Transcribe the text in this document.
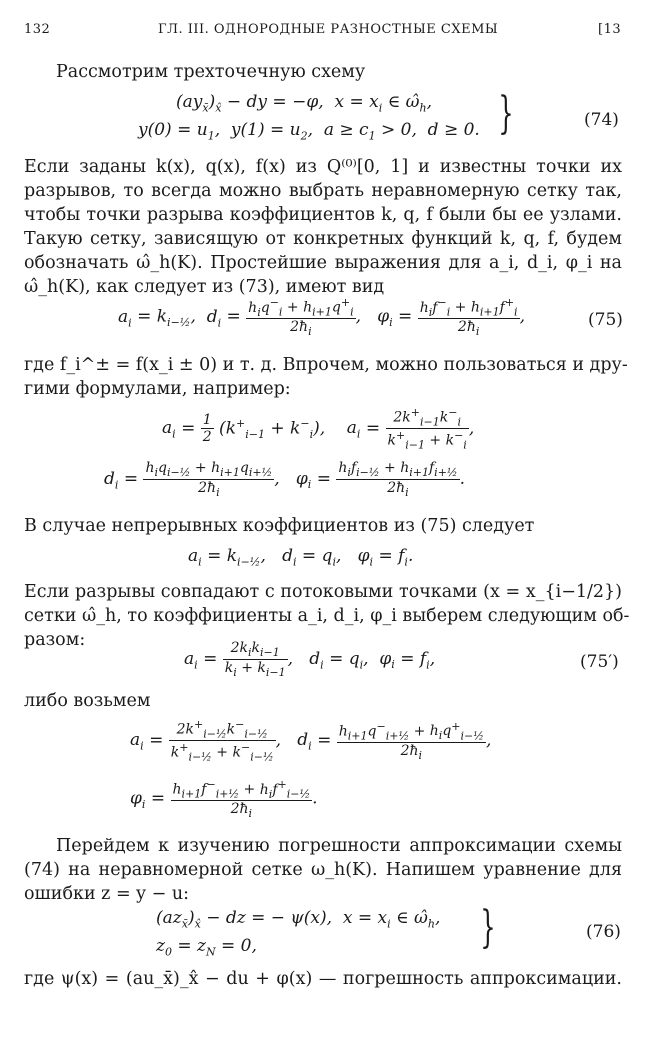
132	ГЛ. III. ОДНОРОДНЫЕ РАЗНОСТНЫЕ СХЕМЫ	[13
Рассмотрим трехточечную схему
$(ay_{x̄})_{x̂}$ − dy = −φ,  $x = x_i$ ∈ $\omegâ_h$,
$y(0) = u_1$,  $y(1) = u_2$,  $a \ge c_1 > 0$,  d ≥ 0. }	(74)
Если заданы k(x), q(x), f(x) из Q⁽⁰⁾[0, 1] и известны точки их
разрывов, то всегда можно выбрать неравномерную сетку так,
чтобы точки разрыва коэффициентов k, q, f были бы ее узлами.
Такую сетку, зависящую от конкретных функций k, q, f, будем
обозначать ω̂_h(K). Простейшие выражения для a_i, d_i, φ_i на
ω̂_h(K), как следует из (73), имеют вид
$a_i = k_{i-\frac{1}{2}}$,  $d_i = \frac{h_iq^-_i + h_{i+1}q^+_i}{2ħ_i}$ ,   $\varphi_i = \frac{h_if^-_i + h_{i+1}f^+_i}{2ħ_i}$ ,	(75)
где f_i^± = f(x_i ± 0) и т. д. Впрочем, можно пользоваться и дру-
гими формулами, например:
$a_i = \frac{1}{2} (k^+_{i-1} + k^-_i)$,    $a_i = \frac{2k^+_{i-1}k^-_i}{k^+_{i-1} + k^-_i}$ ,
$d_i = \frac{h_iq_{i-\frac{1}{2}} + h_{i+1}q_{i+\frac{1}{2}}}{2ħ_i}$ ,   $\varphi_i = \frac{h_if_{i-\frac{1}{2}} + h_{i+1}f_{i+\frac{1}{2}}}{2ħ_i}$ .
В случае непрерывных коэффициентов из (75) следует
$a_i = k_{i-\frac{1}{2}}$,   $d_i = q_i$,   $\varphi_i = f_i$.
Если разрывы совпадают с потоковыми точками (x = x_{i−1/2})
сетки ω̂_h, то коэффициенты a_i, d_i, φ_i выберем следующим об-
разом:
$a_i = \frac{2k_ik_{i-1}}{k_i + k_{i-1}}$ ,   $d_i = q_i$,  $\varphi_i = f_i$,	(75′)
либо возьмем
$a_i = \frac{2k^+_{i-\frac{1}{2}}k^-_{i-\frac{1}{2}}}{k^+_{i-\frac{1}{2}} + k^-_{i-\frac{1}{2}}}$ ,   $d_i = \frac{h_{i+1}q^-_{i+\frac{1}{2}} + h_iq^+_{i-\frac{1}{2}}}{2ħ_i}$ ,
$\varphi_i = \frac{h_{i+1}f^-_{i+\frac{1}{2}} + h_if^+_{i-\frac{1}{2}}}{2ħ_i}$ .
Перейдем к изучению погрешности аппроксимации схемы
(74) на неравномерной сетке ω_h(K). Напишем уравнение для
ошибки z = y − u:
$(az_{x̄})_{x̂}$ − dz = − ψ(x),  $x = x_i$ ∈ $\omegâ_h$,
$z_0 = z_N = 0$,	}	(76)
где ψ(x) = (au_x̄)_x̂ − du + φ(x) — погрешность аппроксимации.
